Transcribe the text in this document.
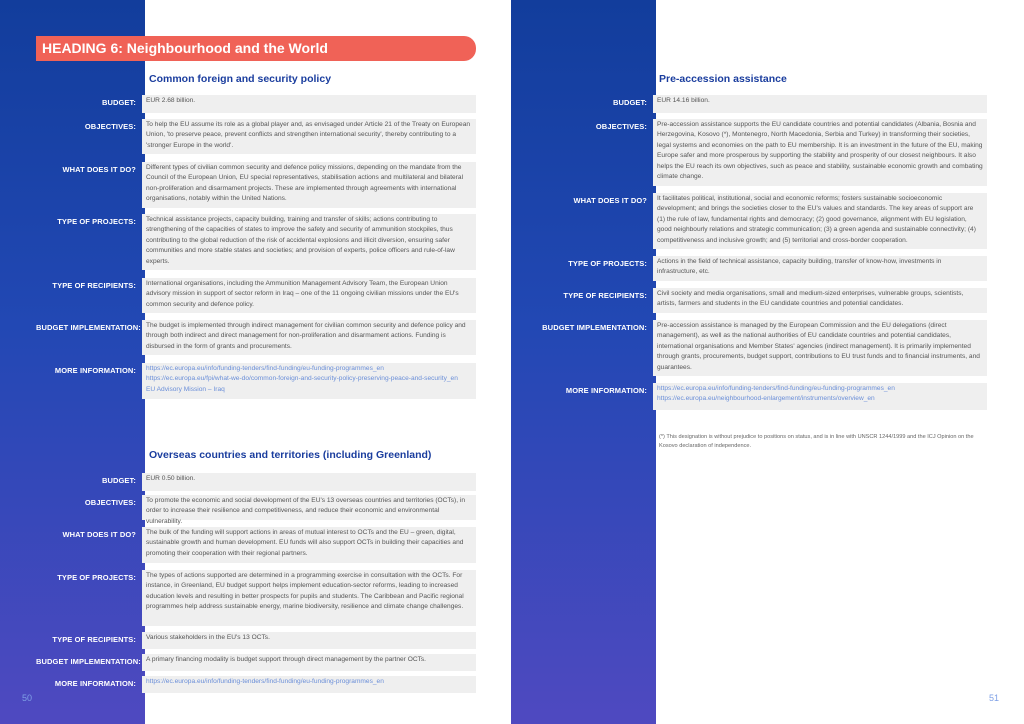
HEADING 6: Neighbourhood and the World
Common foreign and security policy
BUDGET:	EUR 2.68 billion.
OBJECTIVES:	To help the EU assume its role as a global player and, as envisaged under Article 21 of the Treaty on European Union, 'to preserve peace, prevent conflicts and strengthen international security', thereby contributing to a 'stronger Europe in the world'.
WHAT DOES IT DO?	Different types of civilian common security and defence policy missions, depending on the mandate from the Council of the European Union, EU special representatives, stabilisation actions and multilateral and bilateral non-proliferation and disarmament projects. These are implemented through agreements with international organisations, notably within the United Nations.
TYPE OF PROJECTS:	Technical assistance projects, capacity building, training and transfer of skills; actions contributing to strengthening of the capacities of states to improve the safety and security of ammunition stockpiles, thus contributing to the global reduction of the risk of accidental explosions and illicit diversion, ensuring safer communities and more stable states and societies; and provision of experts, police officers and rule-of-law experts.
TYPE OF RECIPIENTS:	International organisations, including the Ammunition Management Advisory Team, the European Union advisory mission in support of sector reform in Iraq – one of the 11 ongoing civilian missions under the EU's common security and defence policy.
BUDGET IMPLEMENTATION: The budget is implemented through indirect management for civilian common security and defence policy and through both indirect and direct management for non-proliferation and disarmament actions. Funding is disbursed in the form of grants and procurements.
MORE INFORMATION:	https://ec.europa.eu/info/funding-tenders/find-funding/eu-funding-programmes_en
https://ec.europa.eu/fpi/what-we-do/common-foreign-and-security-policy-preserving-peace-and-security_en
EU Advisory Mission – Iraq
Overseas countries and territories (including Greenland)
BUDGET:	EUR 0.50 billion.
OBJECTIVES:	To promote the economic and social development of the EU's 13 overseas countries and territories (OCTs), in order to increase their resilience and competitiveness, and reduce their economic and environmental vulnerability.
WHAT DOES IT DO?	The bulk of the funding will support actions in areas of mutual interest to OCTs and the EU – green, digital, sustainable growth and human development. EU funds will also support OCTs in building their capacities and promoting their cooperation with their regional partners.
TYPE OF PROJECTS:	The types of actions supported are determined in a programming exercise in consultation with the OCTs. For instance, in Greenland, EU budget support helps implement education-sector reforms, leading to increased education levels and resulting in better prospects for pupils and students. The Caribbean and Pacific regional programmes help address sustainable energy, marine biodiversity, resilience and climate change challenges.
TYPE OF RECIPIENTS:	Various stakeholders in the EU's 13 OCTs.
BUDGET IMPLEMENTATION: A primary financing modality is budget support through direct management by the partner OCTs.
MORE INFORMATION:	https://ec.europa.eu/info/funding-tenders/find-funding/eu-funding-programmes_en
50
Pre-accession assistance
BUDGET:	EUR 14.16 billion.
OBJECTIVES:	Pre-accession assistance supports the EU candidate countries and potential candidates (Albania, Bosnia and Herzegovina, Kosovo (*), Montenegro, North Macedonia, Serbia and Turkey) in transforming their societies, legal systems and economies on the path to EU membership. It is an investment in the future of the EU, making Europe safer and more prosperous by supporting the stability and prosperity of our closest neighbours. It also helps the EU reach its own objectives, such as peace and stability, sustainable economic growth and combating climate change.
WHAT DOES IT DO?	It facilitates political, institutional, social and economic reforms; fosters sustainable socioeconomic development; and brings the societies closer to the EU's values and standards. The key areas of support are (1) the rule of law, fundamental rights and democracy; (2) good governance, alignment with EU legislation, good neighbourly relations and strategic communication; (3) a green agenda and sustainable connectivity; (4) competitiveness and inclusive growth; and (5) territorial and cross-border cooperation.
TYPE OF PROJECTS:	Actions in the field of technical assistance, capacity building, transfer of know-how, investments in infrastructure, etc.
TYPE OF RECIPIENTS:	Civil society and media organisations, small and medium-sized enterprises, vulnerable groups, scientists, artists, farmers and students in the EU candidate countries and potential candidates.
BUDGET IMPLEMENTATION:	Pre-accession assistance is managed by the European Commission and the EU delegations (direct management), as well as the national authorities of EU candidate countries and potential candidates, international organisations and Member States' agencies (indirect management). It is primarily implemented through grants, procurements, budget support, contributions to EU trust funds and to financial instruments, and guarantees.
MORE INFORMATION:	https://ec.europa.eu/info/funding-tenders/find-funding/eu-funding-programmes_en
https://ec.europa.eu/neighbourhood-enlargement/instruments/overview_en
(*) This designation is without prejudice to positions on status, and is in line with UNSCR 1244/1999 and the ICJ Opinion on the Kosovo declaration of independence.
51
